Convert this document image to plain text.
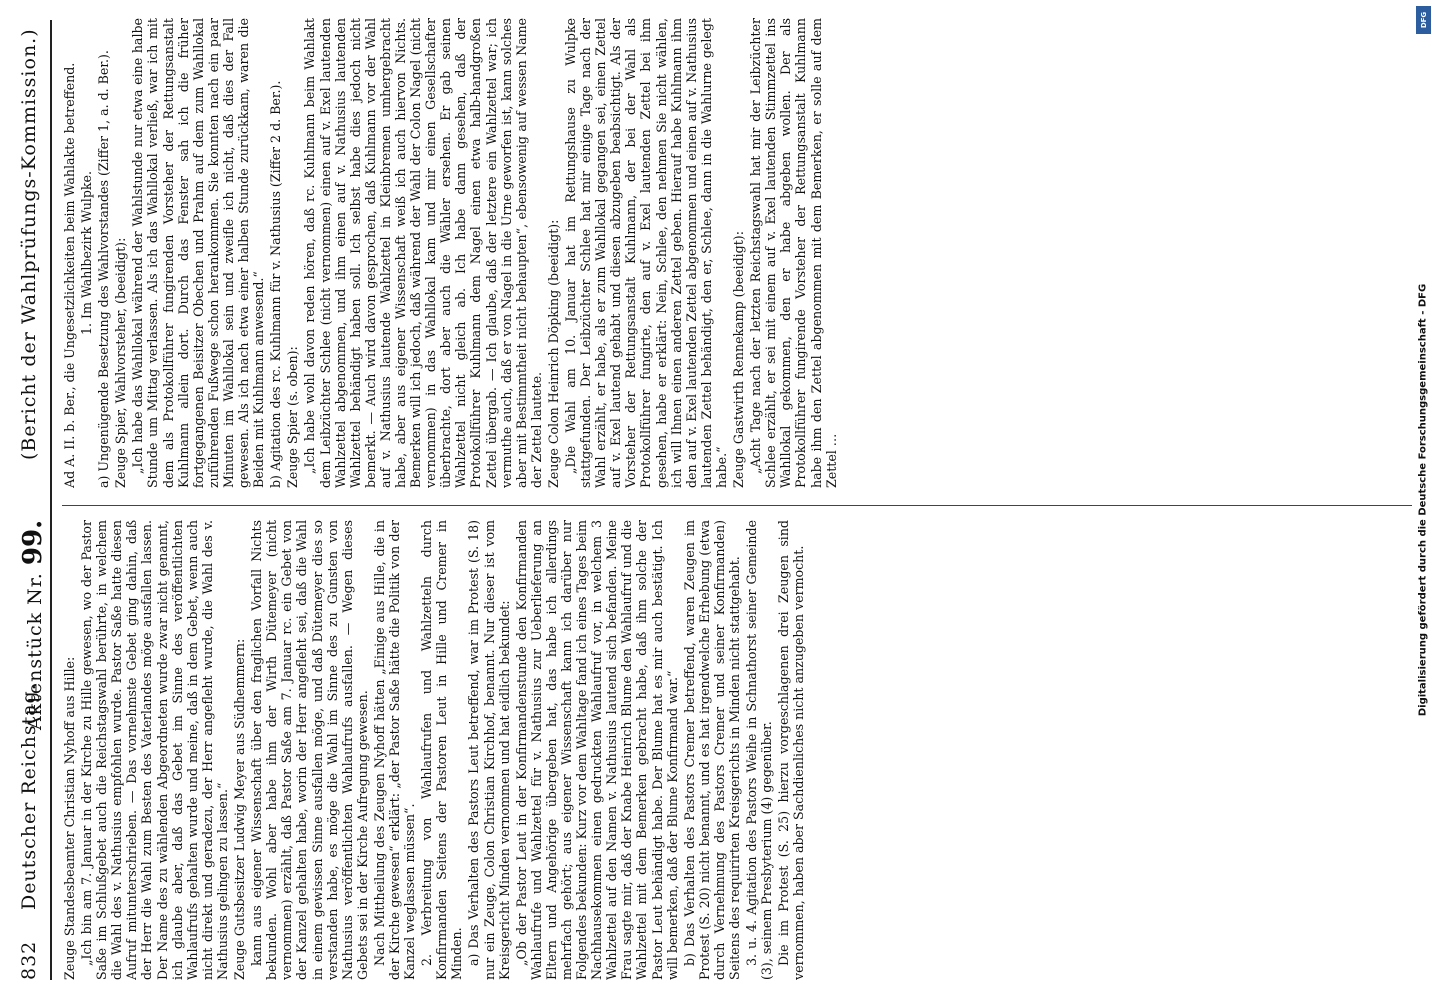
832
Deutscher Reichstag.
Aktenstück Nr. 99.
(Bericht der Wahlprüfungs-Kommission.)

Zeuge Standesbeamter Christian Nyhoff aus Hille: „Ich bin am 7. Januar in der Kirche zu Hille gewesen, wo der Pastor Saße im Schlußgebet auch die Reichstagswahl berührte, in welchem die Wahl des v. Nathusius empfohlen wurde. Pastor Saße hatte diesen Aufruf mitunterschrieben. — Das vornehmste Gebet ging dahin, daß der Herr die Wahl zum Besten des Vaterlandes möge ausfallen lassen. Der Name des zu wählenden Abgeordneten wurde zwar nicht genannt, ich glaube aber, daß das Gebet im Sinne des veröffentlichten Wahlaufrufs gehalten wurde und meine, daß in dem Gebet, wenn auch nicht direkt und geradezu, der Herr angefleht wurde, die Wahl des v. Nathusius gelingen zu lassen.“ Zeuge Gutsbesitzer Ludwig Meyer aus Südhemmern: kann aus eigener Wissenschaft über den fraglichen Vorfall Nichts bekunden. Wohl aber habe ihm der Wirth Dütemeyer (nicht vernommen) erzählt, daß Pastor Saße am 7. Januar rc. ein Gebet von der Kanzel gehalten habe, worin der Herr angefleht sei, daß die Wahl in einem gewissen Sinne ausfallen möge, und daß Dütemeyer dies so verstanden habe, es möge die Wahl im Sinne des zu Gunsten von Nathusius veröffentlichten Wahlaufrufs ausfallen. — Wegen dieses Gebets sei in der Kirche Aufregung gewesen. Nach Mittheilung des Zeugen Nyhoff hätten „Einige aus Hille, die in der Kirche gewesen“ erklärt: „der Pastor Saße hätte die Politik von der Kanzel weglassen müssen“. 2. Verbreitung von Wahlaufrufen und Wahlzetteln durch Konfirmanden Seitens der Pastoren Leut in Hille und Cremer in Minden. a) Das Verhalten des Pastors Leut betreffend, war im Protest (S. 18) nur ein Zeuge, Colon Christian Kirchhof, benannt. Nur dieser ist vom Kreisgericht Minden vernommen und hat eidlich bekundet: „Ob der Pastor Leut in der Konfirmandenstunde den Konfirmanden Wahlaufrufe und Wahlzettel für v. Nathusius zur Ueberlieferung an Eltern und Angehörige übergeben hat, das habe ich allerdings mehrfach gehört; aus eigener Wissenschaft kann ich darüber nur Folgendes bekunden: Kurz vor dem Wahltage fand ich eines Tages beim Nachhausekommen einen gedruckten Wahlaufruf vor, in welchem 3 Wahlzettel auf den Namen v. Nathusius lautend sich befanden. Meine Frau sagte mir, daß der Knabe Heinrich Blume den Wahlaufruf und die Wahlzettel mit dem Bemerken gebracht habe, daß ihm solche der Pastor Leut behändigt habe. Der Blume hat es mir auch bestätigt. Ich will bemerken, daß der Blume Konfirmand war.“ b) Das Verhalten des Pastors Cremer betreffend, waren Zeugen im Protest (S. 20) nicht benannt, und es hat irgendwelche Erhebung (etwa durch Vernehmung des Pastors Cremer und seiner Konfirmanden) Seitens des requirirten Kreisgerichts in Minden nicht stattgehabt. 3. u. 4. Agitation des Pastors Weihe in Schnathorst seiner Gemeinde (3), seinem Presbyterium (4) gegenüber. Die im Protest (S. 25) hierzu vorgeschlagenen drei Zeugen sind vernommen, haben aber Sachdienliches nicht anzugeben vermocht.

Ad A. II. b. Ber., die Ungesetzlichkeiten beim Wahlakte betreffend. 1. Im Wahlbezirk Wulpke. a) Ungenügende Besetzung des Wahlvorstandes (Ziffer 1, a. d. Ber.). Zeuge Spier, Wahlvorsteher, (beeidigt): „Ich habe das Wahllokal während der Wahlstunde nur etwa eine halbe Stunde um Mittag verlassen. Als ich das Wahllokal verließ, war ich mit dem als Protokollführer fungirenden Vorsteher der Rettungsanstalt Kuhlmann allein dort. Durch das Fenster sah ich die früher fortgegangenen Beisitzer Obechen und Prahm auf dem zum Wahllokal zuführenden Fußwege schon herankommen. Sie konnten nach ein paar Minuten im Wahllokal sein und zweifle ich nicht, daß dies der Fall gewesen. Als ich nach etwa einer halben Stunde zurückkam, waren die Beiden mit Kuhlmann anwesend.“ b) Agitation des rc. Kuhlmann für v. Nathusius (Ziffer 2 d. Ber.). Zeuge Spier (s. oben): „Ich habe wohl davon reden hören, daß rc. Kuhlmann beim Wahlakt dem Leibzüchter Schlee (nicht vernommen) einen auf v. Exel lautenden Wahlzettel abgenommen, und ihm einen auf v. Nathusius lautenden Wahlzettel behändigt haben soll. Ich selbst habe dies jedoch nicht bemerkt. — Auch wird davon gesprochen, daß Kuhlmann vor der Wahl auf v. Nathusius lautende Wahlzettel in Kleinbremen umhergebracht habe, aber aus eigener Wissenschaft weiß ich auch hiervon Nichts. Bemerken will ich jedoch, daß während der Wahl der Colon Nagel (nicht vernommen) in das Wahllokal kam und mir einen Gesellschafter überbrachte, dort aber auch die Wähler ersehen. Er gab seinen Wahlzettel nicht gleich ab. Ich habe dann gesehen, daß der Protokollführer Kuhlmann dem Nagel einen etwa halb-handgroßen Zettel übergab. — Ich glaube, daß der letztere ein Wahlzettel war; ich vermuthe auch, daß er von Nagel in die Urne geworfen ist, kann solches aber mit Bestimmtheit nicht behaupten“, ebensowenig auf wessen Name der Zettel lautete. Zeuge Colon Heinrich Döpking (beeidigt): „Die Wahl am 10. Januar hat im Rettungshause zu Wulpke stattgefunden. Der Leibzüchter Schlee hat mir einige Tage nach der Wahl erzählt, er habe, als er zum Wahllokal gegangen sei, einen Zettel auf v. Exel lautend gehabt und diesen abzugeben beabsichtigt. Als der Vorsteher der Rettungsanstalt Kuhlmann, der bei der Wahl als Protokollführer fungirte, den auf v. Exel lautenden Zettel bei ihm gesehen, habe er erklärt: Nein, Schlee, den nehmen Sie nicht wählen, ich will Ihnen einen anderen Zettel geben. Hierauf habe Kuhlmann ihm den auf v. Exel lautenden Zettel abgenommen und einen auf v. Nathusius lautenden Zettel behändigt, den er, Schlee, dann in die Wahlurne gelegt habe.“ Zeuge Gastwirth Rennekamp (beeidigt): „Acht Tage nach der letzten Reichstagswahl hat mir der Leibzüchter Schlee erzählt, er sei mit einem auf v. Exel lautenden Stimmzettel ins Wahllokal gekommen, den er habe abgeben wollen. Der als Protokollführer fungirende Vorsteher der Rettungsanstalt Kuhlmann habe ihm den Zettel abgenommen mit dem Bemerken, er solle auf dem Zettel …

DFG
Digitalisierung gefördert durch die Deutsche Forschungsgemeinschaft - DFG
